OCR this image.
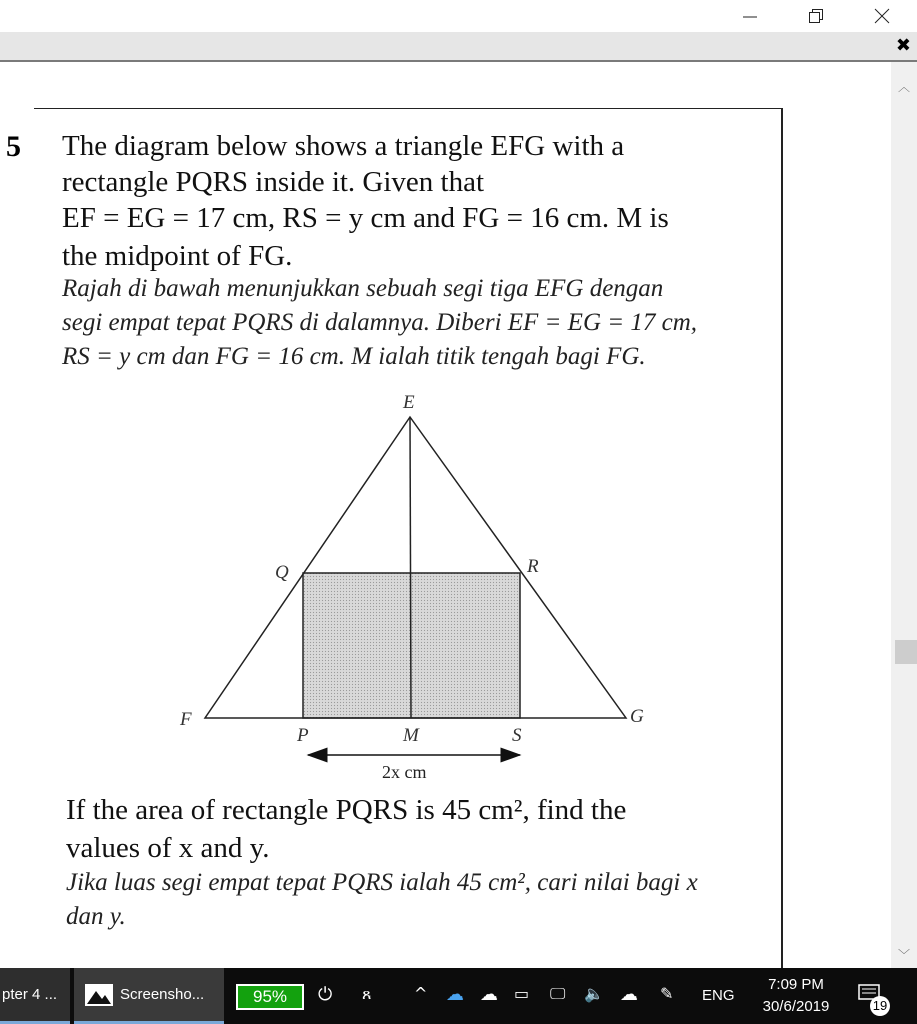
✖
5 The diagram below shows a triangle EFG with a
rectangle PQRS inside it. Given that
EF = EG = 17 cm, RS = y cm and FG = 16 cm. M is
the midpoint of FG.
Rajah di bawah menunjukkan sebuah segi tiga EFG dengan
segi empat tepat PQRS di dalamnya. Diberi EF = EG = 17 cm,
RS = y cm dan FG = 16 cm. M ialah titik tengah bagi FG.
E
F	G
Q	R
P	M	S
2x cm
If the area of rectangle PQRS is 45 cm², find the
values of x and y.
Jika luas segi empat tepat PQRS ialah 45 cm², cari nilai bagi x
dan y.
︿
﹀
pter 4 ...	Screensho...	95%	⏻ ጸ	^ ☁ ☁ ▭ 🖵 🔈 ☁ ✎ ENG
7:09 PM
30/6/2019	19
